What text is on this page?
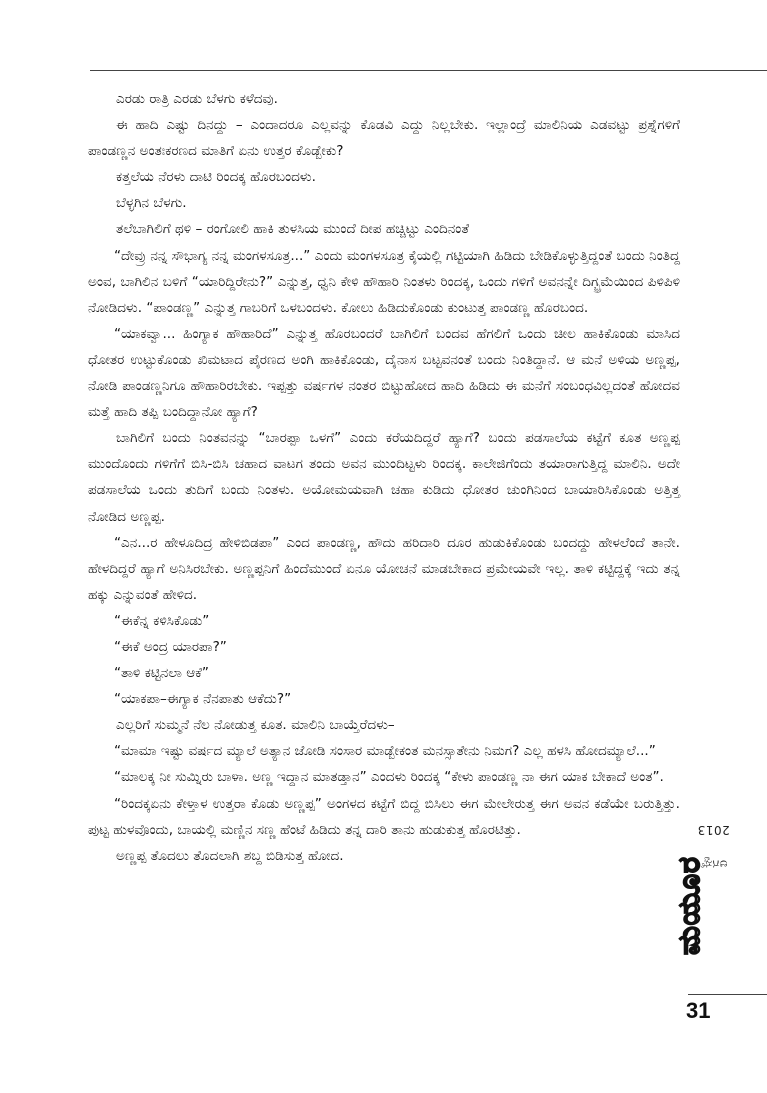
ಎರಡು ರಾತ್ರಿ ಎರಡು ಬೆಳಗು ಕಳೆದವು.

ಈ ಹಾದಿ ಎಷ್ಟು ದಿನದ್ದು – ಎಂದಾದರೂ ಎಲ್ಲವನ್ನು ಕೊಡವಿ ಎದ್ದು ನಿಲ್ಲಬೇಕು. ಇಲ್ಲಾಂದ್ರೆ ಮಾಲಿನಿಯ ಎಡವಟ್ಟು ಪ್ರಶ್ನೆಗಳಿಗೆ ಪಾಂಡಣ್ಣನ ಅಂತಃಕರಣದ ಮಾತಿಗೆ ಏನು ಉತ್ತರ ಕೊಡ್ಬೇಕು?

ಕತ್ತಲೆಯ ನೆರಳು ದಾಟಿ ರಿಂದಕ್ಕ ಹೊರಬಂದಳು.

ಬೆಳ್ಳಗಿನ ಬೆಳಗು.

ತಲೆಬಾಗಿಲಿಗೆ ಥಳಿ – ರಂಗೋಲಿ ಹಾಕಿ ತುಳಸಿಯ ಮುಂದೆ ದೀಪ ಹಚ್ಚಿಟ್ಟು ಎಂದಿನಂತೆ

“ದೇವ್ರು ನನ್ನ ಸೌಭಾಗ್ಯ ನನ್ನ ಮಂಗಳಸೂತ್ರ...” ಎಂದು ಮಂಗಳಸೂತ್ರ ಕೈಯಲ್ಲಿ ಗಟ್ಟಿಯಾಗಿ ಹಿಡಿದು ಬೇಡಿಕೊಳ್ಳುತ್ತಿದ್ದಂತೆ ಬಂದು ನಿಂತಿದ್ದ ಅಂವ, ಬಾಗಿಲಿನ ಬಳಿಗೆ “ಯಾರಿದ್ದಿರೇನು?” ಎನ್ನುತ್ತ, ಧ್ವನಿ ಕೇಳಿ ಹೌಹಾರಿ ನಿಂತಳು ರಿಂದಕ್ಕ, ಒಂದು ಗಳಿಗೆ ಅವನನ್ನೇ ದಿಗ್ಭ್ರಮೆಯಿಂದ ಪಿಳಿಪಿಳಿ ನೋಡಿದಳು. “ಪಾಂಡಣ್ಣ” ಎನ್ನುತ್ತ ಗಾಬರಿಗೆ ಒಳಬಂದಳು. ಕೋಲು ಹಿಡಿದುಕೊಂಡು ಕುಂಟುತ್ತ ಪಾಂಡಣ್ಣ ಹೊರಬಂದ.

“ಯಾಕವ್ವಾ... ಹಿಂಗ್ಯಾಕ ಹೌಹಾರಿದೆ” ಎನ್ನುತ್ತ ಹೊರಬಂದರೆ ಬಾಗಿಲಿಗೆ ಬಂದವ ಹೆಗಲಿಗೆ ಒಂದು ಚೀಲ ಹಾಕಿಕೊಂಡು ಮಾಸಿದ ಧೋತರ ಉಟ್ಟುಕೊಂಡು ಖಿಮಟಾದ ಪೈರಣದ ಅಂಗಿ ಹಾಕಿಕೊಂಡು, ದೈನಾಸ ಬಟ್ಟವನಂತೆ ಬಂದು ನಿಂತಿದ್ದಾನೆ. ಆ ಮನೆ ಅಳಿಯ ಅಣ್ಣಪ್ಪ, ನೋಡಿ ಪಾಂಡಣ್ಣನಿಗೂ ಹೌಹಾರಿರಬೇಕು. ಇಪ್ಪತ್ತು ವರ್ಷಗಳ ನಂತರ ಬಿಟ್ಟುಹೋದ ಹಾದಿ ಹಿಡಿದು ಈ ಮನೆಗೆ ಸಂಬಂಧವಿಲ್ಲದಂತೆ ಹೋದವ ಮತ್ತೆ ಹಾದಿ ತಪ್ಪಿ ಬಂದಿದ್ದಾನೋ ಹ್ಯಾಗೆ?

ಬಾಗಿಲಿಗೆ ಬಂದು ನಿಂತವನನ್ನು “ಬಾರಪ್ಪಾ ಒಳಗೆ” ಎಂದು ಕರೆಯದಿದ್ದರೆ ಹ್ಯಾಗೆ? ಬಂದು ಪಡಸಾಲೆಯ ಕಟ್ಟೆಗೆ ಕೂತ ಅಣ್ಣಪ್ಪ ಮುಂದೊಂದು ಗಳಿಗೆಗೆ ಬಿಸಿ-ಬಿಸಿ ಚಹಾದ ವಾಟಗ ತಂದು ಅವನ ಮುಂದಿಟ್ಟಳು ರಿಂದಕ್ಕ. ಕಾಲೇಜಿಗೆಂದು ತಯಾರಾಗುತ್ತಿದ್ದ ಮಾಲಿನಿ. ಅದೇ ಪಡಸಾಲೆಯ ಒಂದು ತುದಿಗೆ ಬಂದು ನಿಂತಳು. ಅಯೋಮಯವಾಗಿ ಚಹಾ ಕುಡಿದು ಧೋತರ ಚುಂಗಿನಿಂದ ಬಾಯಾರಿಸಿಕೊಂಡು ಅತ್ತಿತ್ತ ನೋಡಿದ ಅಣ್ಣಪ್ಪ.

“ಎನ...ರ ಹೇಳೂದಿದ್ರ ಹೇಳಿಬಿಡಪಾ” ಎಂದ ಪಾಂಡಣ್ಣ, ಹೌದು ಹರಿದಾರಿ ದೂರ ಹುಡುಕಿಕೊಂಡು ಬಂದದ್ದು ಹೇಳಲೆಂದೆ ತಾನೇ. ಹೇಳದಿದ್ದರೆ ಹ್ಯಾಗೆ ಅನಿಸಿರಬೇಕು. ಅಣ್ಣಪ್ಪನಿಗೆ ಹಿಂದೆಮುಂದೆ ಏನೂ ಯೋಚನೆ ಮಾಡಬೇಕಾದ ಪ್ರಮೇಯವೇ ಇಲ್ಲ. ತಾಳಿ ಕಟ್ಟಿದ್ದಕ್ಕೆ ಇದು ತನ್ನ ಹಕ್ಕು ಎನ್ನುವಂತೆ ಹೇಳಿದ.

“ಈಕೆನ್ನ ಕಳಿಸಿಕೊಡು”

“ಈಕೆ ಅಂದ್ರ ಯಾರಪಾ?”

“ತಾಳಿ ಕಟ್ಟಿನಲಾ ಆಕೆ”

“ಯಾಕಪಾ–ಈಗ್ಯಾಕ ನೆನಪಾತು ಆಕೆದು?”

ಎಲ್ಲರಿಗೆ ಸುಮ್ಮನೆ ನೆಲ ನೋಡುತ್ತ ಕೂತ. ಮಾಲಿನಿ ಬಾಯ್ತೆರೆದಳು–

“ಮಾಮಾ ಇಷ್ಟು ವರ್ಷದ ಮ್ಯಾಲೆ ಅತ್ಯಾನ ಜೋಡಿ ಸಂಸಾರ ಮಾಡ್ಬೇಕಂತ ಮನಸ್ಸಾತೇನು ನಿಮಗ? ಎಲ್ಲ ಹಳಸಿ ಹೋದಮ್ಯಾಲೆ...”

“ಮಾಲಕ್ಕ ನೀ ಸುಮ್ನಿರು ಬಾಳಾ. ಅಣ್ಣ ಇದ್ದಾನ ಮಾತಡ್ತಾನ” ಎಂದಳು ರಿಂದಕ್ಕ “ಕೇಳು ಪಾಂಡಣ್ಣ ನಾ ಈಗ ಯಾಕ ಬೇಕಾದೆ ಅಂತ”.

“ರಿಂದಕ್ಕಏನು ಕೇಳ್ತಾಳ ಉತ್ತರಾ ಕೊಡು ಅಣ್ಣಪ್ಪ” ಅಂಗಳದ ಕಟ್ಟೆಗೆ ಬಿದ್ದ ಬಿಸಿಲು ಈಗ ಮೇಲೇರುತ್ತ ಈಗ ಅವನ ಕಡೆಯೇ ಬರುತ್ತಿತ್ತು. ಪುಟ್ಟ ಹುಳವೊಂದು, ಬಾಯಲ್ಲಿ ಮಣ್ಣಿನ ಸಣ್ಣ ಹೆಂಟೆ ಹಿಡಿದು ತನ್ನ ದಾರಿ ತಾನು ಹುಡುಕುತ್ತ ಹೊರಟಿತ್ತು.

ಅಣ್ಣಪ್ಪ ತೊದಲು ತೊದಲಾಗಿ ಶಬ್ದ ಬಿಡಿಸುತ್ತ ಹೋದ.

ಆಗಸ್ಟ್ 2013
ಮಯೂರ
31
